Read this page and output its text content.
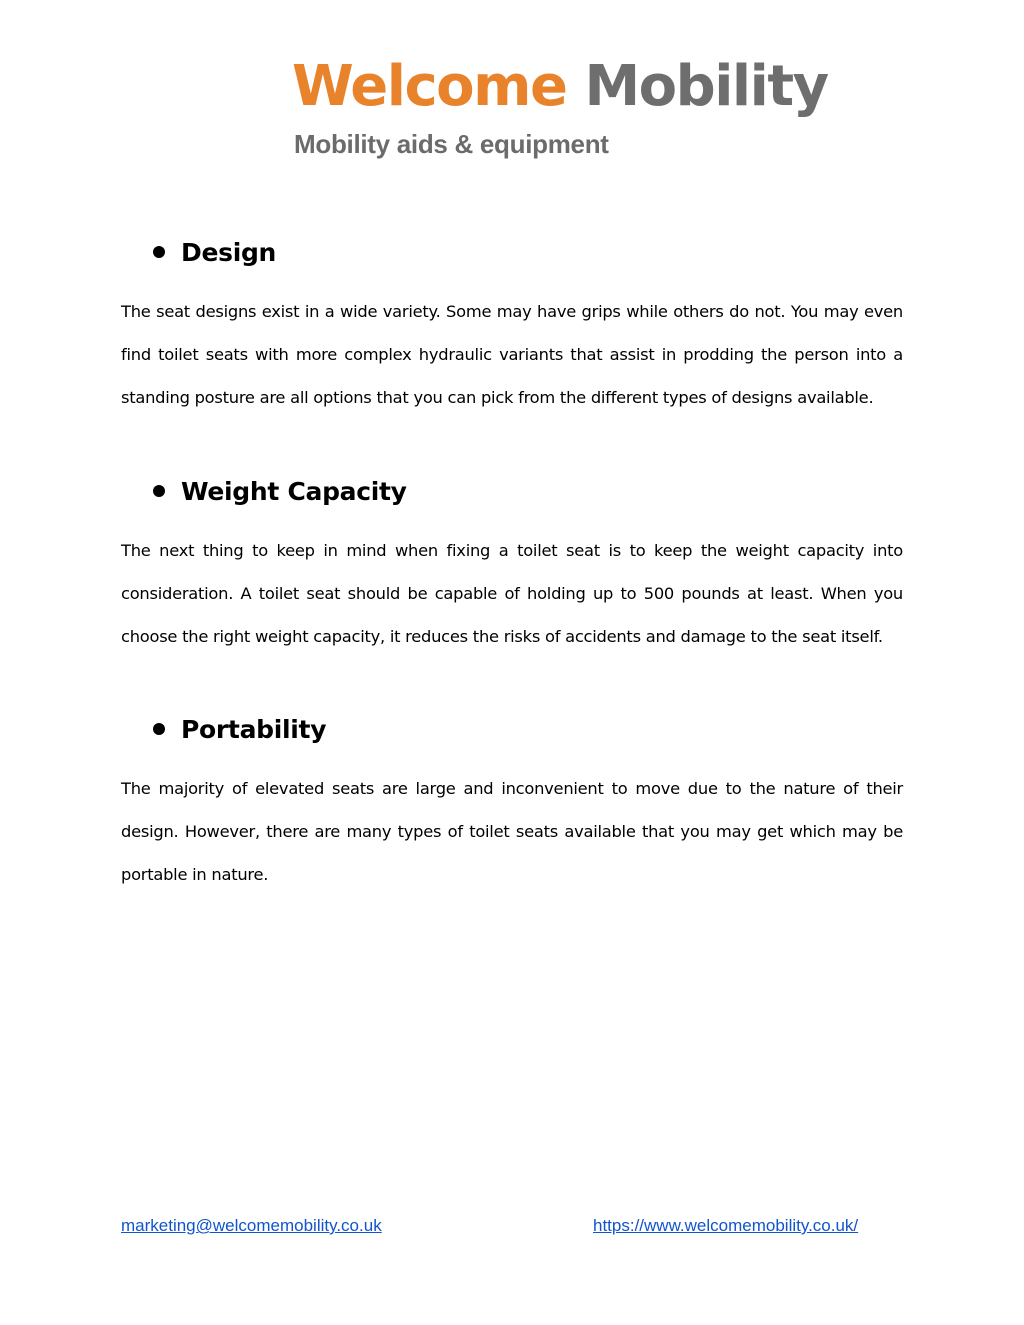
Welcome Mobility
Mobility aids & equipment
Design

The seat designs exist in a wide variety. Some may have grips while others do not. You may even find toilet seats with more complex hydraulic variants that assist in prodding the person into a standing posture are all options that you can pick from the different types of designs available.

Weight Capacity

The next thing to keep in mind when fixing a toilet seat is to keep the weight capacity into consideration. A toilet seat should be capable of holding up to 500 pounds at least. When you choose the right weight capacity, it reduces the risks of accidents and damage to the seat itself.

Portability

The majority of elevated seats are large and inconvenient to move due to the nature of their design. However, there are many types of toilet seats available that you may get which may be portable in nature.

marketing@welcomemobility.co.uk	https://www.welcomemobility.co.uk/
